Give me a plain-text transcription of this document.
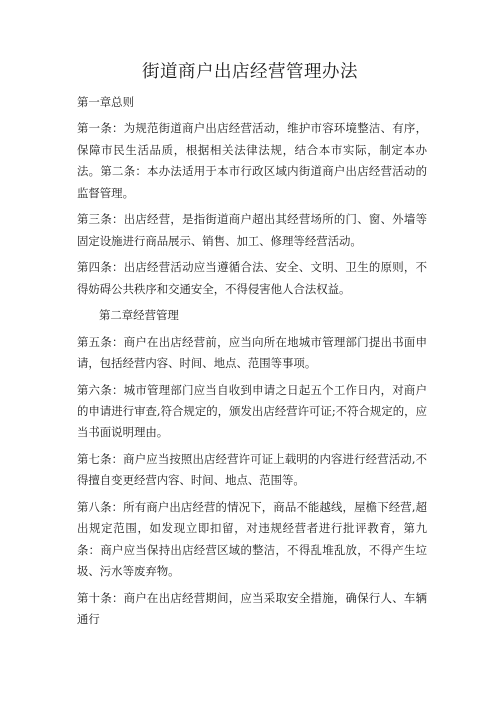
街道商户出店经营管理办法

第一章总则

第一条：为规范街道商户出店经营活动，维护市容环境整洁、有序，保障市民生活品质，根据相关法律法规，结合本市实际，制定本办法。第二条：本办法适用于本市行政区域内街道商户出店经营活动的监督管理。

第三条：出店经营，是指街道商户超出其经营场所的门、窗、外墙等固定设施进行商品展示、销售、加工、修理等经营活动。

第四条：出店经营活动应当遵循合法、安全、文明、卫生的原则，不得妨碍公共秩序和交通安全，不得侵害他人合法权益。

第二章经营管理

第五条：商户在出店经营前，应当向所在地城市管理部门提出书面申请，包括经营内容、时间、地点、范围等事项。

第六条：城市管理部门应当自收到申请之日起五个工作日内，对商户的申请进行审查,符合规定的，颁发出店经营许可证;不符合规定的，应当书面说明理由。

第七条：商户应当按照出店经营许可证上载明的内容进行经营活动,不得擅自变更经营内容、时间、地点、范围等。

第八条：所有商户出店经营的情况下，商品不能越线，屋檐下经营,超出规定范围，如发现立即扣留，对违规经营者进行批评教育，第九条：商户应当保持出店经营区域的整洁，不得乱堆乱放，不得产生垃圾、污水等废弃物。

第十条：商户在出店经营期间，应当采取安全措施，确保行人、车辆通行
